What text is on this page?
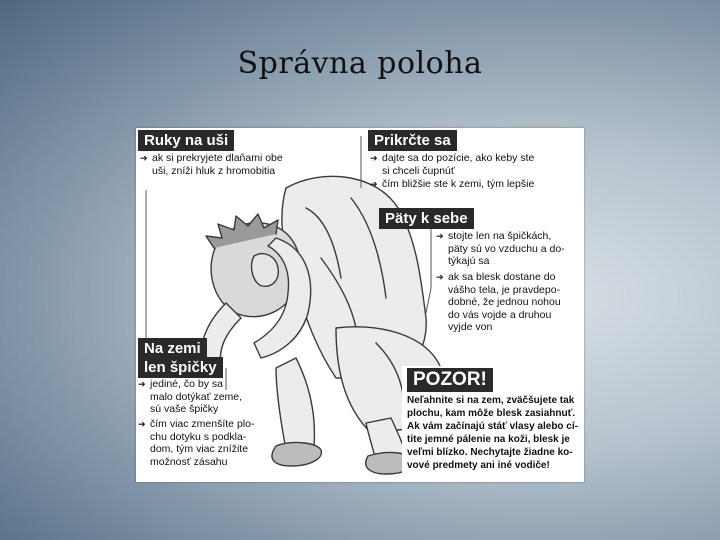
Správna poloha
Ruky na uši
➔ ak si prekryjete dlaňami obe
uši, zníži hluk z hromobitia
Prikrčte sa
➔ dajte sa do pozície, ako keby ste
si chceli čupnúť
➔ čím bližšie ste k zemi, tým lepšie
Päty k sebe
➔ stojte len na špičkách,
päty sú vo vzduchu a do-
týkajú sa
➔ ak sa blesk dostane do
vášho tela, je pravdepo-
dobné, že jednou nohou
do vás vojde a druhou
vyjde von
Na zemi
len špičky
➔ jediné, čo by sa
malo dotýkať zeme,
sú vaše špičky
➔ čím viac zmenšíte plo-
chu dotyku s podkla-
dom, tým viac znížite
možnosť zásahu
POZOR!
Neľahnite si na zem, zväčšujete tak
plochu, kam môže blesk zasiahnuť.
Ak vám začínajú stáť vlasy alebo cí-
tite jemné pálenie na koži, blesk je
veľmi blízko. Nechytajte žiadne ko-
vové predmety ani iné vodiče!
